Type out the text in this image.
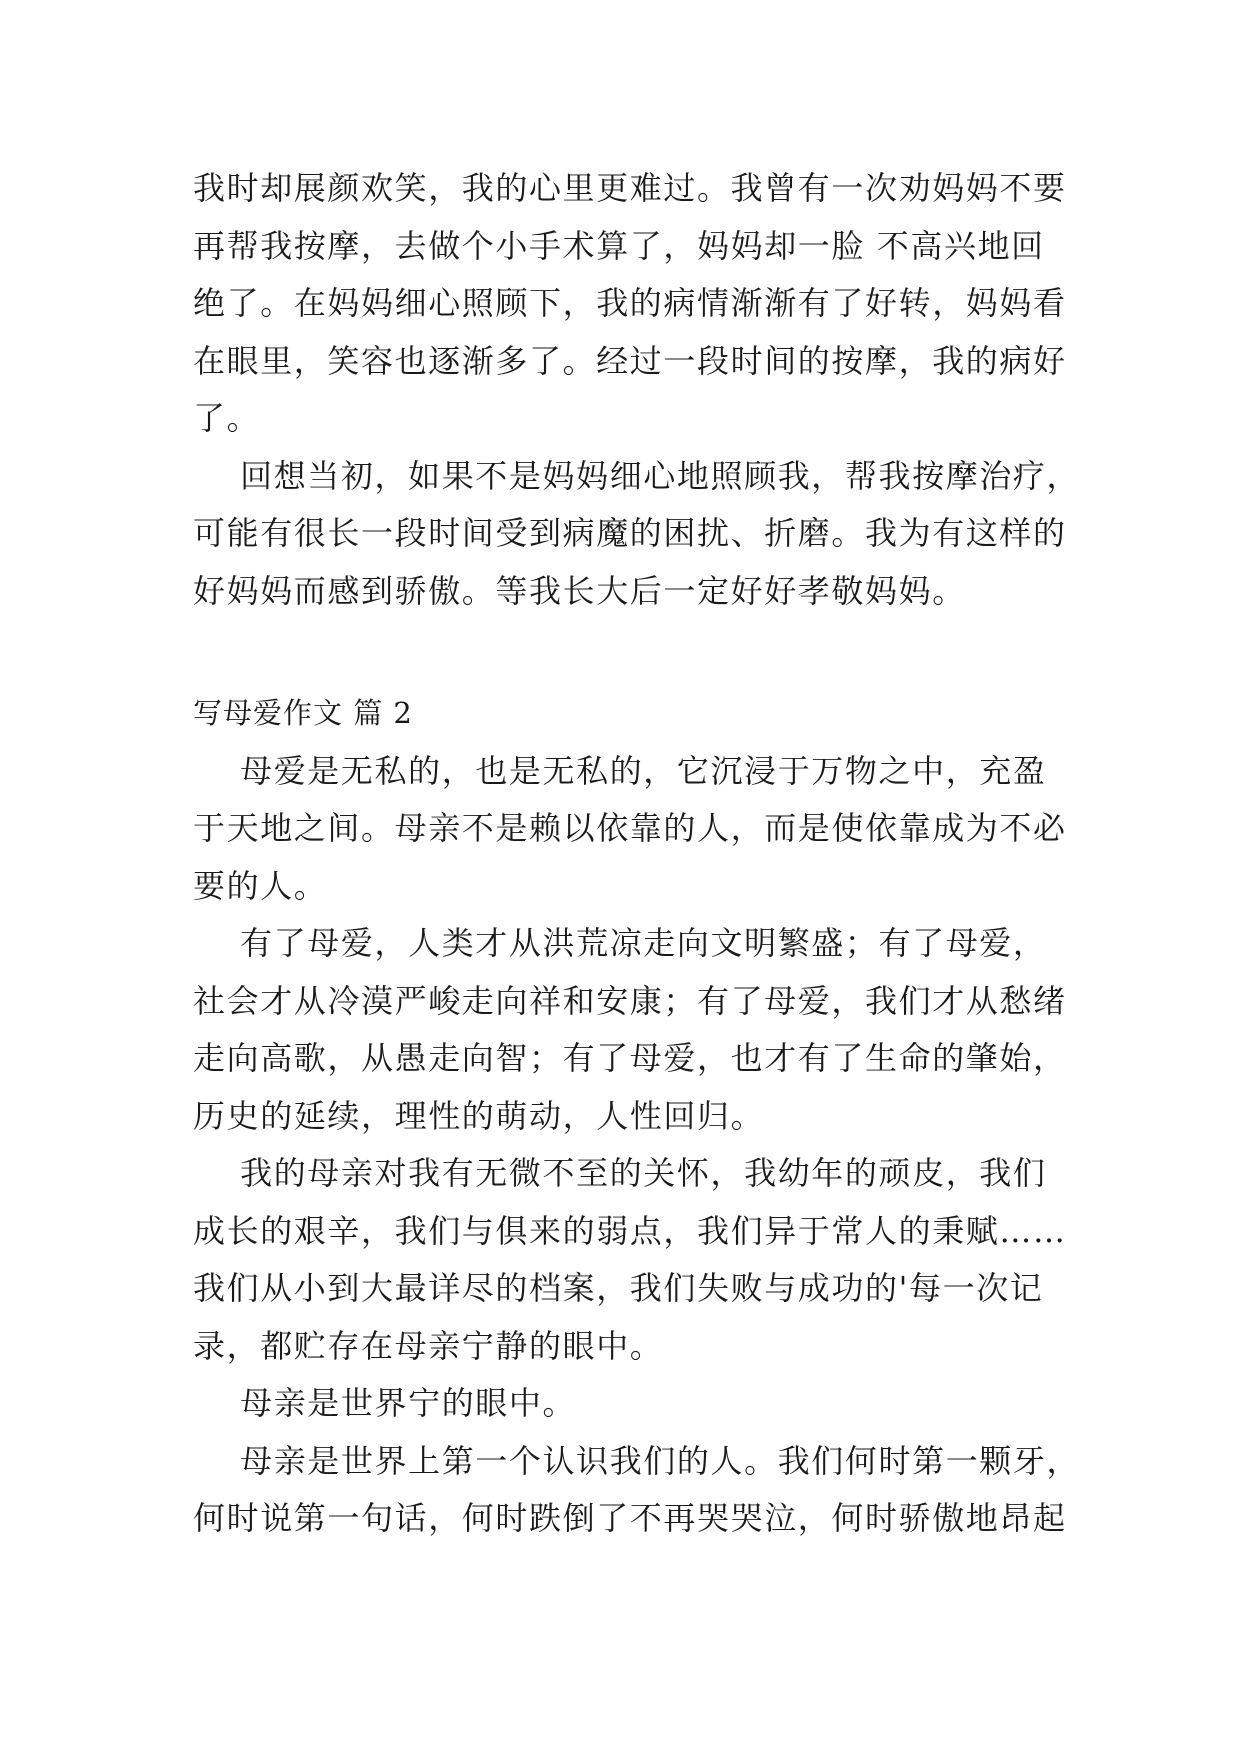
我时却展颜欢笑，我的心里更难过。我曾有一次劝妈妈不要
再帮我按摩，去做个小手术算了，妈妈却一脸 不高兴地回
绝了。在妈妈细心照顾下，我的病情渐渐有了好转，妈妈看
在眼里，笑容也逐渐多了。经过一段时间的按摩，我的病好
了。
回想当初，如果不是妈妈细心地照顾我，帮我按摩治疗，
可能有很长一段时间受到病魔的困扰、折磨。我为有这样的
好妈妈而感到骄傲。等我长大后一定好好孝敬妈妈。
写母爱作文 篇 2
母爱是无私的，也是无私的，它沉浸于万物之中，充盈
于天地之间。母亲不是赖以依靠的人，而是使依靠成为不必
要的人。
有了母爱，人类才从洪荒凉走向文明繁盛；有了母爱，
社会才从冷漠严峻走向祥和安康；有了母爱，我们才从愁绪
走向高歌，从愚走向智；有了母爱，也才有了生命的肇始，
历史的延续，理性的萌动，人性回归。
我的母亲对我有无微不至的关怀，我幼年的顽皮，我们
成长的艰辛，我们与俱来的弱点，我们异于常人的秉赋……
我们从小到大最详尽的档案，我们失败与成功的'每一次记
录，都贮存在母亲宁静的眼中。
母亲是世界宁的眼中。
母亲是世界上第一个认识我们的人。我们何时第一颗牙，
何时说第一句话，何时跌倒了不再哭哭泣，何时骄傲地昂起
